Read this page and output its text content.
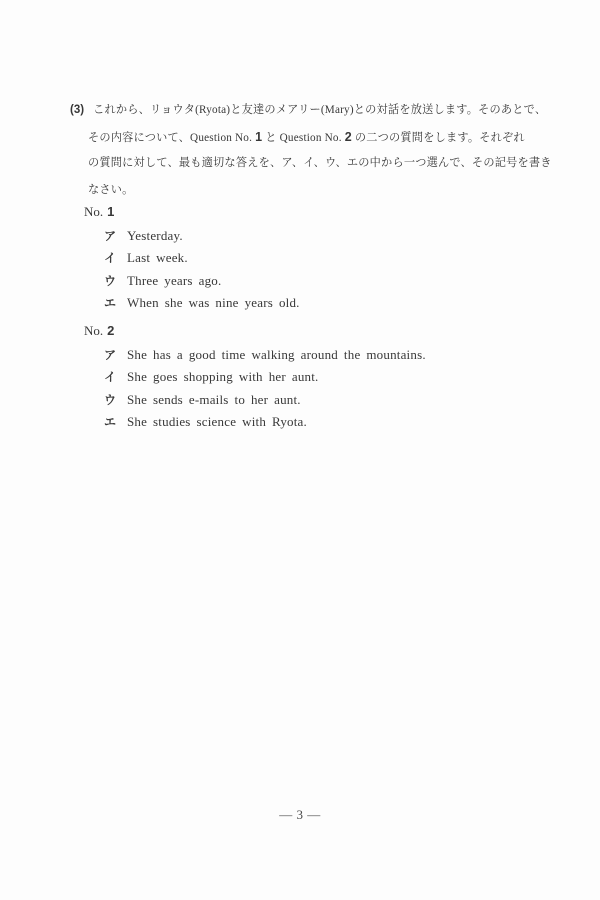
(3) これから、リョウタ(Ryota)と友達のメアリー(Mary)との対話を放送します。そのあとで、
その内容について、Question No. 1 と Question No. 2 の二つの質問をします。それぞれ
の質問に対して、最も適切な答えを、ア、イ、ウ、エの中から一つ選んで、その記号を書き
なさい。
No. 1
ア Yesterday.
イ Last week.
ウ Three years ago.
エ When she was nine years old.
No. 2
ア She has a good time walking around the mountains.
イ She goes shopping with her aunt.
ウ She sends e-mails to her aunt.
エ She studies science with Ryota.
— 3 —
